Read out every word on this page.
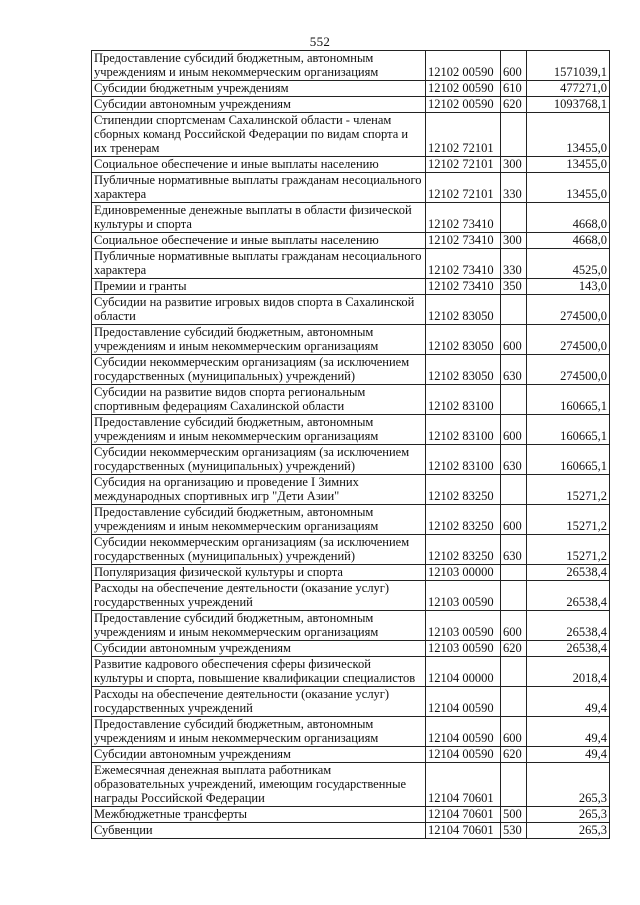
552
Предоставление субсидий бюджетным, автономным учреждениям и иным некоммерческим организациям	12102 00590	600	1571039,1
Субсидии бюджетным учреждениям	12102 00590	610	477271,0
Субсидии автономным учреждениям	12102 00590	620	1093768,1
Стипендии спортсменам Сахалинской области - членам сборных команд Российской Федерации по видам спорта и их тренерам	12102 72101		13455,0
Социальное обеспечение и иные выплаты населению	12102 72101	300	13455,0
Публичные нормативные выплаты гражданам несоциального характера	12102 72101	330	13455,0
Единовременные денежные выплаты в области физической культуры и спорта	12102 73410		4668,0
Социальное обеспечение и иные выплаты населению	12102 73410	300	4668,0
Публичные нормативные выплаты гражданам несоциального характера	12102 73410	330	4525,0
Премии и гранты	12102 73410	350	143,0
Субсидии на развитие игровых видов спорта в Сахалинской области	12102 83050		274500,0
Предоставление субсидий бюджетным, автономным учреждениям и иным некоммерческим организациям	12102 83050	600	274500,0
Субсидии некоммерческим организациям (за исключением государственных (муниципальных) учреждений)	12102 83050	630	274500,0
Субсидии на развитие видов спорта региональным спортивным федерациям Сахалинской области	12102 83100		160665,1
Предоставление субсидий бюджетным, автономным учреждениям и иным некоммерческим организациям	12102 83100	600	160665,1
Субсидии некоммерческим организациям (за исключением государственных (муниципальных) учреждений)	12102 83100	630	160665,1
Субсидия на организацию и проведение I Зимних международных спортивных игр "Дети Азии"	12102 83250		15271,2
Предоставление субсидий бюджетным, автономным учреждениям и иным некоммерческим организациям	12102 83250	600	15271,2
Субсидии некоммерческим организациям (за исключением государственных (муниципальных) учреждений)	12102 83250	630	15271,2
Популяризация физической культуры и спорта	12103 00000		26538,4
Расходы на обеспечение деятельности (оказание услуг) государственных учреждений	12103 00590		26538,4
Предоставление субсидий бюджетным, автономным учреждениям и иным некоммерческим организациям	12103 00590	600	26538,4
Субсидии автономным учреждениям	12103 00590	620	26538,4
Развитие кадрового обеспечения сферы физической культуры и спорта, повышение квалификации специалистов	12104 00000		2018,4
Расходы на обеспечение деятельности (оказание услуг) государственных учреждений	12104 00590		49,4
Предоставление субсидий бюджетным, автономным учреждениям и иным некоммерческим организациям	12104 00590	600	49,4
Субсидии автономным учреждениям	12104 00590	620	49,4
Ежемесячная денежная выплата работникам образовательных учреждений, имеющим государственные награды Российской Федерации	12104 70601		265,3
Межбюджетные трансферты	12104 70601	500	265,3
Субвенции	12104 70601	530	265,3
